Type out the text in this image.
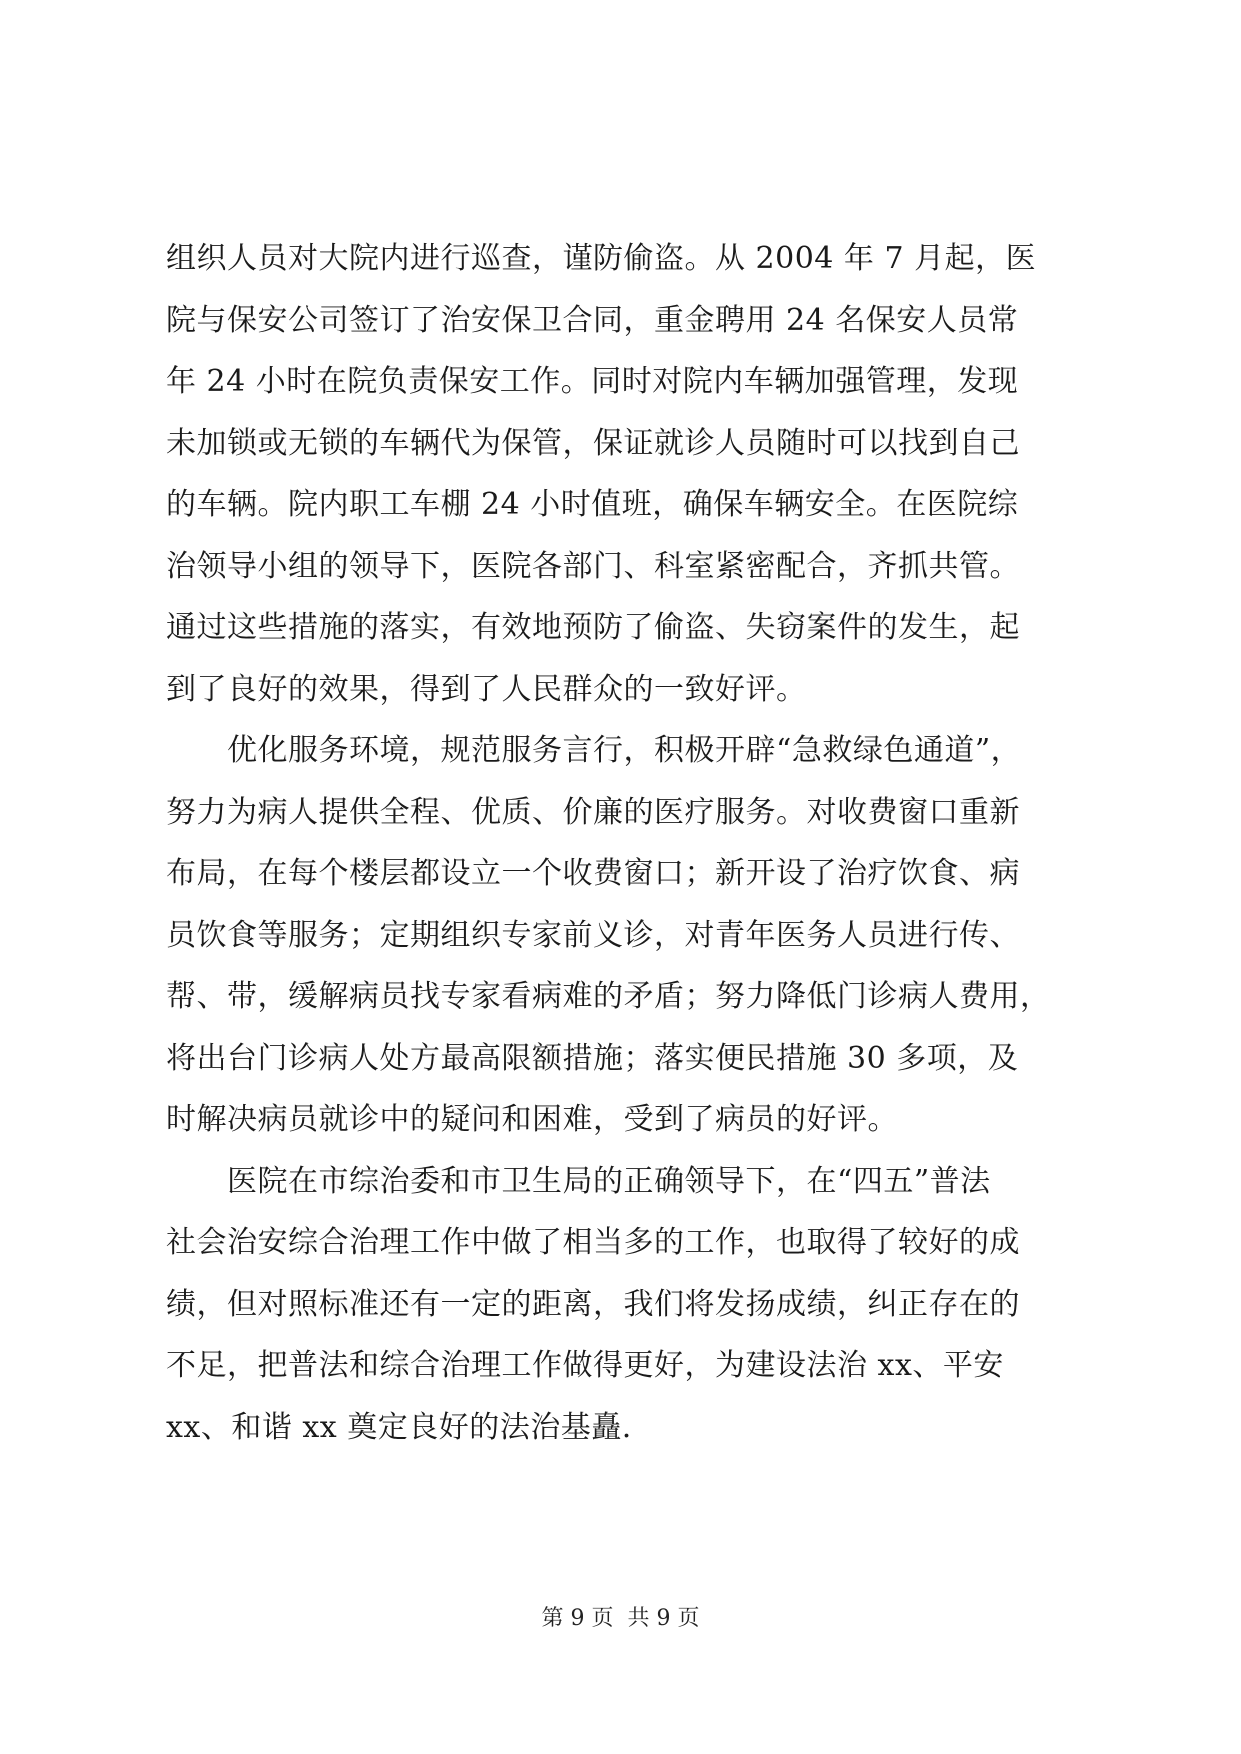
组织人员对大院内进行巡查，谨防偷盗。从 2004 年 7 月起，医
院与保安公司签订了治安保卫合同，重金聘用 24 名保安人员常
年 24 小时在院负责保安工作。同时对院内车辆加强管理，发现
未加锁或无锁的车辆代为保管，保证就诊人员随时可以找到自己
的车辆。院内职工车棚 24 小时值班，确保车辆安全。在医院综
治领导小组的领导下，医院各部门、科室紧密配合，齐抓共管。
通过这些措施的落实，有效地预防了偷盗、失窃案件的发生，起
到了良好的效果，得到了人民群众的一致好评。
　　优化服务环境，规范服务言行，积极开辟“急救绿色通道”，
努力为病人提供全程、优质、价廉的医疗服务。对收费窗口重新
布局，在每个楼层都设立一个收费窗口；新开设了治疗饮食、病
员饮食等服务；定期组织专家前义诊，对青年医务人员进行传、
帮、带，缓解病员找专家看病难的矛盾；努力降低门诊病人费用，
将出台门诊病人处方最高限额措施；落实便民措施 30 多项，及
时解决病员就诊中的疑问和困难，受到了病员的好评。
　　医院在市综治委和市卫生局的正确领导下，在“四五”普法
社会治安综合治理工作中做了相当多的工作，也取得了较好的成
绩，但对照标准还有一定的距离，我们将发扬成绩，纠正存在的
不足，把普法和综合治理工作做得更好，为建设法治 xx、平安
xx、和谐 xx 奠定良好的法治基矗.
第 9 页  共 9 页
